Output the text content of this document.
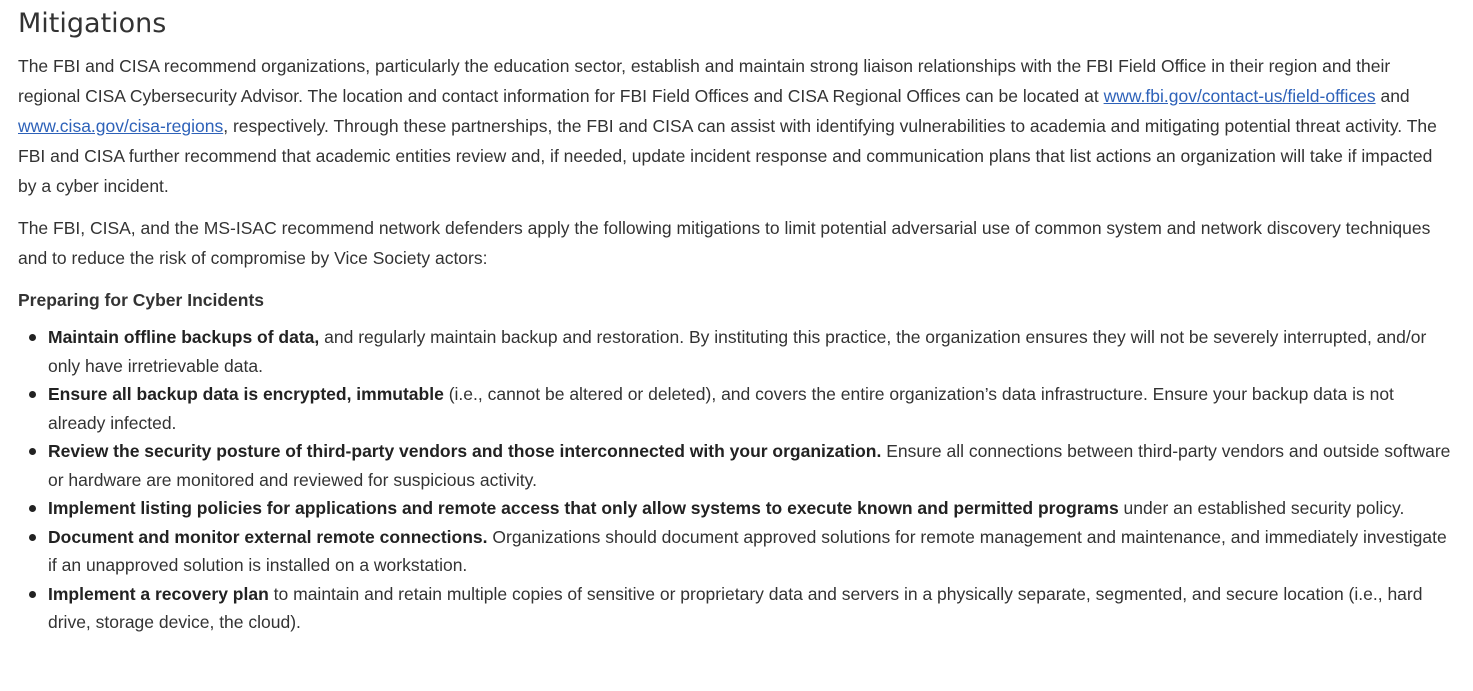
Mitigations

The FBI and CISA recommend organizations, particularly the education sector, establish and maintain strong liaison relationships with the FBI Field Office in their region and their regional CISA Cybersecurity Advisor. The location and contact information for FBI Field Offices and CISA Regional Offices can be located at www.fbi.gov/contact-us/field-offices and www.cisa.gov/cisa-regions, respectively. Through these partnerships, the FBI and CISA can assist with identifying vulnerabilities to academia and mitigating potential threat activity. The FBI and CISA further recommend that academic entities review and, if needed, update incident response and communication plans that list actions an organization will take if impacted by a cyber incident.

The FBI, CISA, and the MS-ISAC recommend network defenders apply the following mitigations to limit potential adversarial use of common system and network discovery techniques and to reduce the risk of compromise by Vice Society actors:

Preparing for Cyber Incidents

Maintain offline backups of data, and regularly maintain backup and restoration. By instituting this practice, the organization ensures they will not be severely interrupted, and/or only have irretrievable data.
Ensure all backup data is encrypted, immutable (i.e., cannot be altered or deleted), and covers the entire organization’s data infrastructure. Ensure your backup data is not already infected.
Review the security posture of third-party vendors and those interconnected with your organization. Ensure all connections between third-party vendors and outside software or hardware are monitored and reviewed for suspicious activity.
Implement listing policies for applications and remote access that only allow systems to execute known and permitted programs under an established security policy.
Document and monitor external remote connections. Organizations should document approved solutions for remote management and maintenance, and immediately investigate if an unapproved solution is installed on a workstation.
Implement a recovery plan to maintain and retain multiple copies of sensitive or proprietary data and servers in a physically separate, segmented, and secure location (i.e., hard drive, storage device, the cloud).
